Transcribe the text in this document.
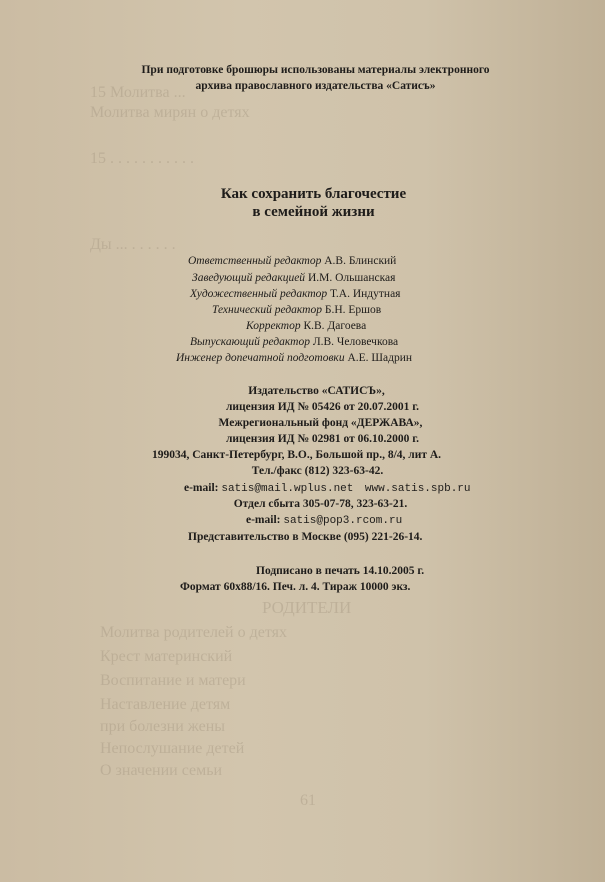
15 Молитва ...
Молитва мирян о детях
15 . . . . . . . . . . .
Ды ... . . . . . .
РОДИТЕЛИ
Молитва родителей о детях
Крест материнский
Воспитание и матери
Наставление детям
при болезни жены
Непослушание детей
О значении семьи
61
При подготовке брошюры использованы материалы электронного
архива православного издательства «Сатисъ»
Как сохранить благочестие
в семейной жизни
Ответственный редактор А.В. Блинский
Заведующий редакцией И.М. Ольшанская
Художественный редактор Т.А. Индутная
Технический редактор Б.Н. Ершов
Корректор К.В. Дагоева
Выпускающий редактор Л.В. Человечкова
Инженер допечатной подготовки А.Е. Шадрин
Издательство «САТИСЪ»,
лицензия ИД № 05426 от 20.07.2001 г.
Межрегиональный фонд «ДЕРЖАВА»,
лицензия ИД № 02981 от 06.10.2000 г.
199034, Санкт-Петербург, В.О., Большой пр., 8/4, лит А.
Тел./факс (812) 323-63-42.
e-mail: satis@mail.wplus.net www.satis.spb.ru
Отдел сбыта 305-07-78, 323-63-21.
e-mail: satis@pop3.rcom.ru
Представительство в Москве (095) 221-26-14.
Подписано в печать 14.10.2005 г.
Формат 60x88/16. Печ. л. 4. Тираж 10000 экз.
